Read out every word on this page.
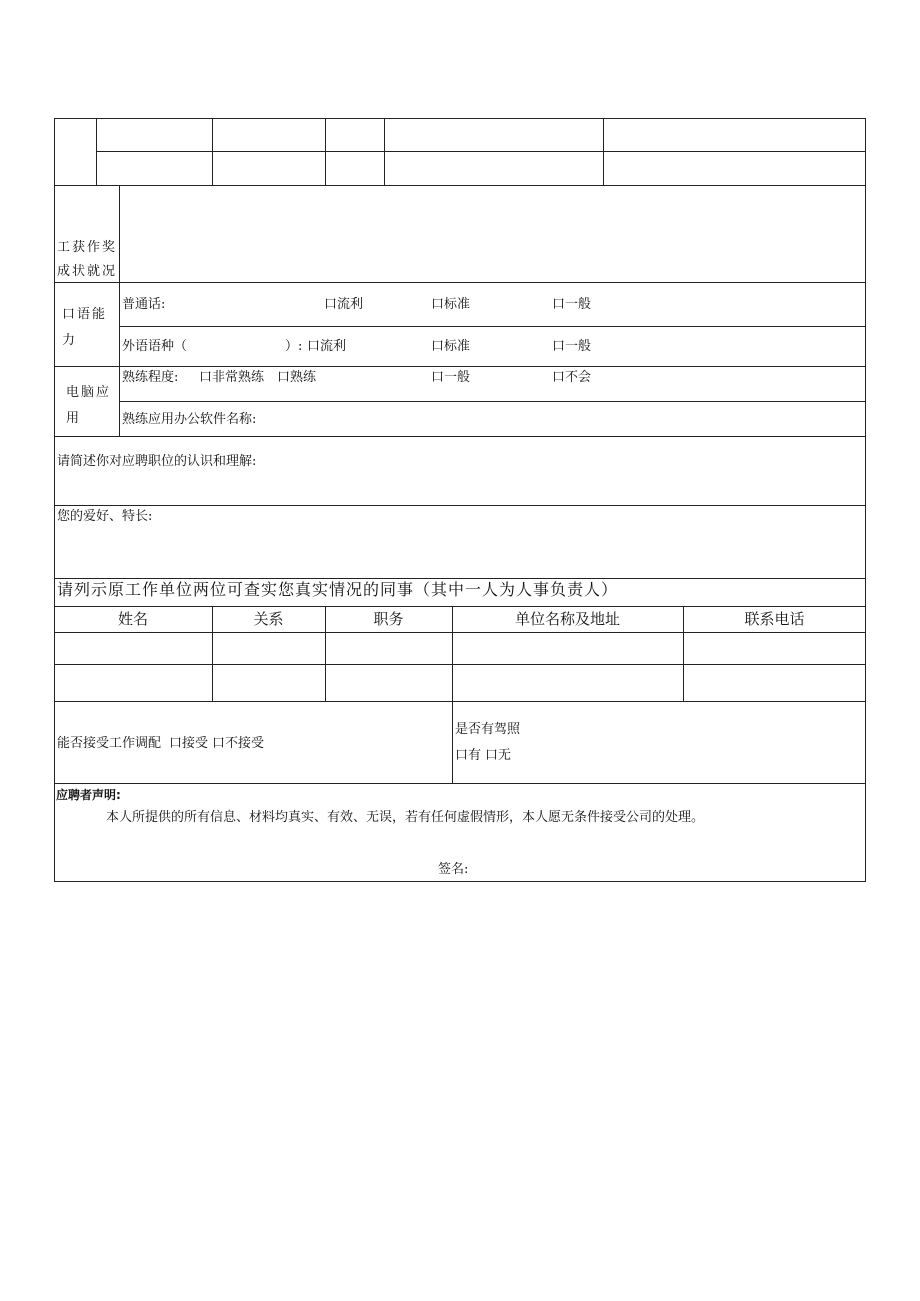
工获作奖成状就况
口语能力
普通话:	口流利	口标准	口一般
外语语种（	）: 口流利	口标准	口一般
电脑应用
熟练程度: 口非常熟练 口熟练	口一般	口不会
熟练应用办公软件名称:
请简述你对应聘职位的认识和理解:
您的爱好、特长:
请列示原工作单位两位可查实您真实情况的同事（其中一人为人事负责人）
姓名	关系	职务	单位名称及地址	联系电话
能否接受工作调配 口接受 口不接受
是否有驾照
口有 口无
应聘者声明:
本人所提供的所有信息、材料均真实、有效、无误，若有任何虚假情形，本人愿无条件接受公司的处理。
签名:
